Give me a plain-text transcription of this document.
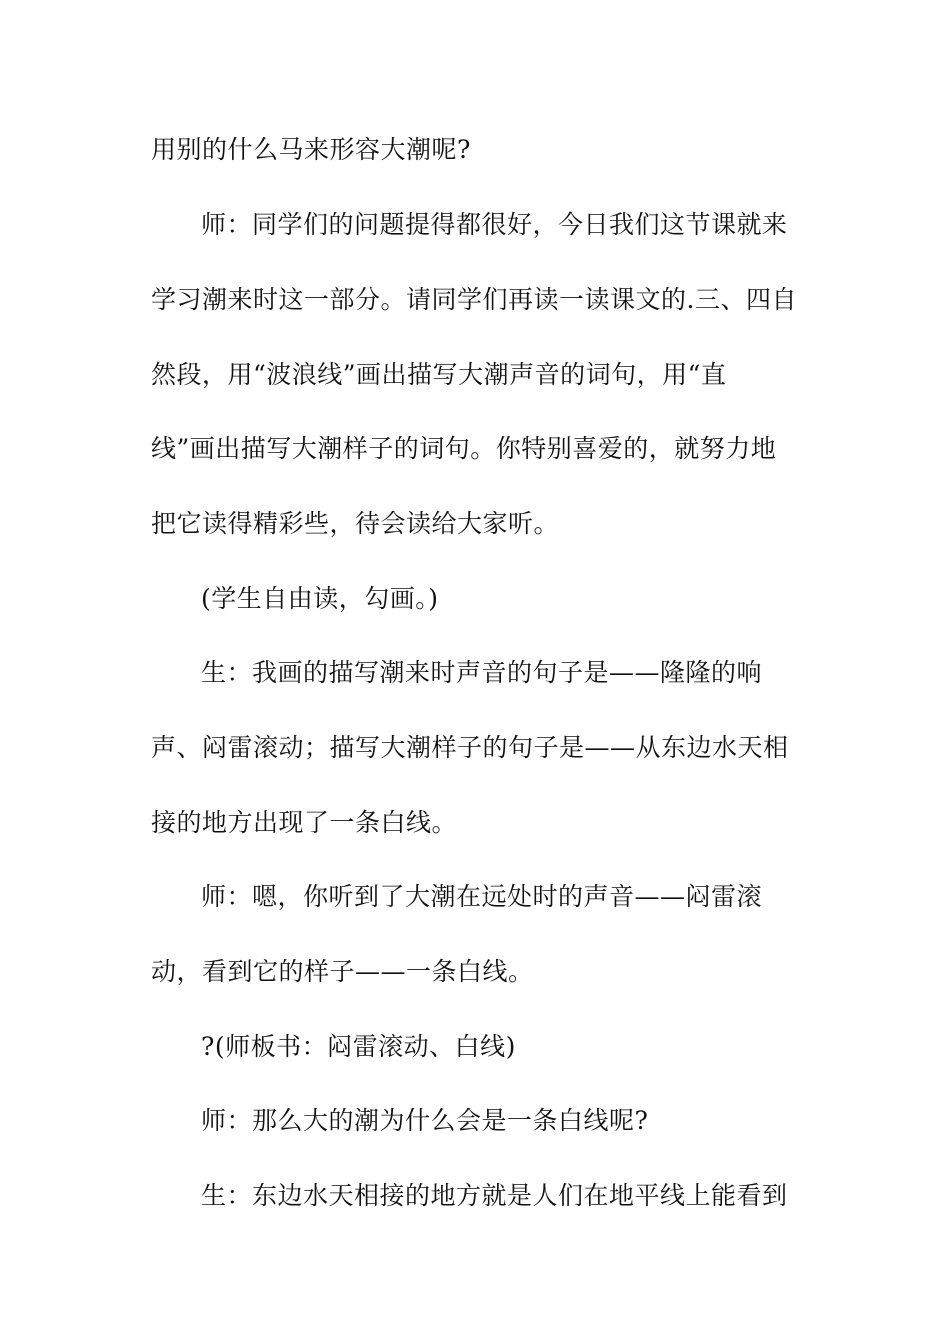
用别的什么马来形容大潮呢?
师：同学们的问题提得都很好，今日我们这节课就来
学习潮来时这一部分。请同学们再读一读课文的.三、四自
然段，用“波浪线”画出描写大潮声音的词句，用“直
线”画出描写大潮样子的词句。你特别喜爱的，就努力地
把它读得精彩些，待会读给大家听。
(学生自由读，勾画。)
生：我画的描写潮来时声音的句子是——隆隆的响
声、闷雷滚动；描写大潮样子的句子是——从东边水天相
接的地方出现了一条白线。
师：嗯，你听到了大潮在远处时的声音——闷雷滚
动，看到它的样子——一条白线。
?(师板书：闷雷滚动、白线)
师：那么大的潮为什么会是一条白线呢?
生：东边水天相接的地方就是人们在地平线上能看到
